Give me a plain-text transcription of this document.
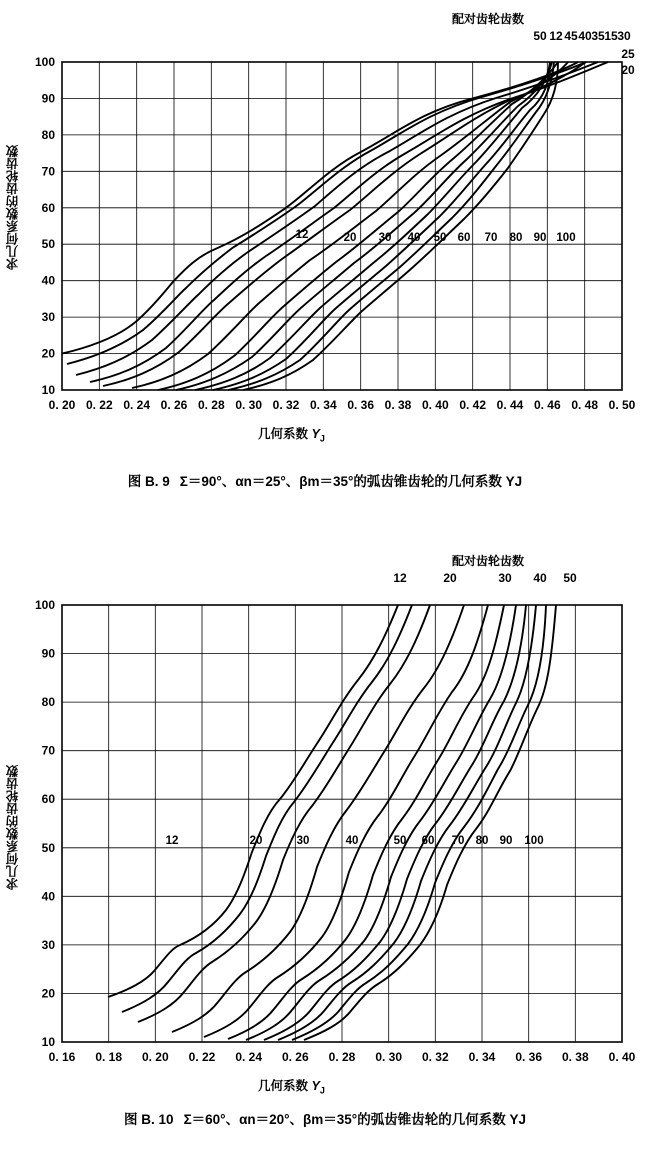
配对齿轮齿数
求几何系数的齿轮齿数
几何系数 $Y_J$
100
90
80
70
60
50
40
30
20
10
0. 20 0. 22 0. 24 0. 26 0. 28 0. 30 0. 32 0. 34 0. 36 0. 38 0. 40 0. 42 0. 44 0. 46 0. 48 0. 50
50 12 45 40 35 15 30
25
20
12	20 30 40 50 60 70 80 90 100
图 B. 9 Σ＝90°、αn＝25°、βm＝35°的弧齿锥齿轮的几何系数 YJ
配对齿轮齿数
求几何系数的齿轮齿数
几何系数 $Y_J$
100
90
80
70
60
50
40
30
20
10
0. 16 0. 18 0. 20 0. 22 0. 24 0. 26 0. 28 0. 30 0. 32 0. 34 0. 36 0. 38 0. 40
12	20	30 40 50
12	20	30	40	50 60 70 80 90 100
图 B. 10 Σ＝60°、αn＝20°、βm＝35°的弧齿锥齿轮的几何系数 YJ
